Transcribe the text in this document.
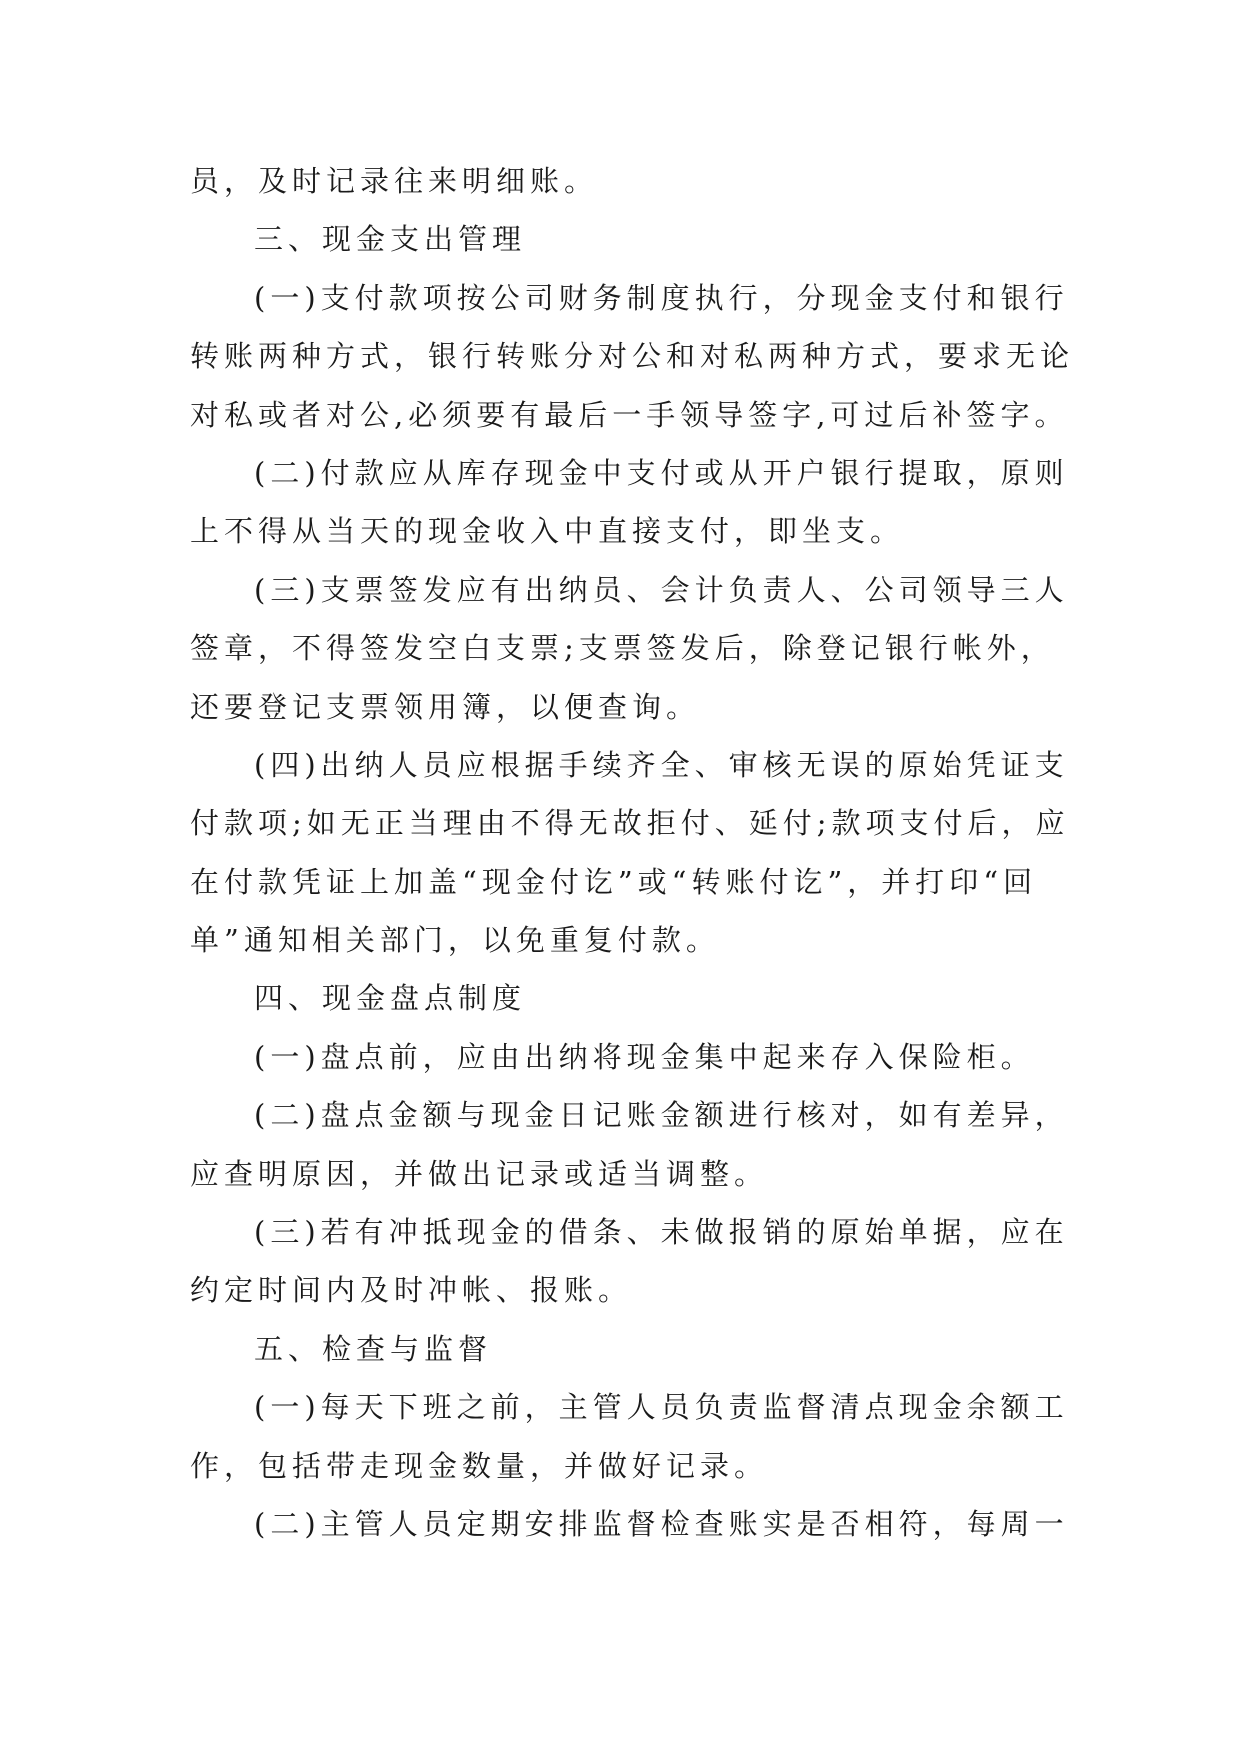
员，及时记录往来明细账。
三、现金支出管理
(一)支付款项按公司财务制度执行，分现金支付和银行
转账两种方式，银行转账分对公和对私两种方式，要求无论
对私或者对公,必须要有最后一手领导签字,可过后补签字。
(二)付款应从库存现金中支付或从开户银行提取，原则
上不得从当天的现金收入中直接支付，即坐支。
(三)支票签发应有出纳员、会计负责人、公司领导三人
签章，不得签发空白支票;支票签发后，除登记银行帐外，
还要登记支票领用簿，以便查询。
(四)出纳人员应根据手续齐全、审核无误的原始凭证支
付款项;如无正当理由不得无故拒付、延付;款项支付后，应
在付款凭证上加盖“现金付讫”或“转账付讫”，并打印“回
单”通知相关部门，以免重复付款。
四、现金盘点制度
(一)盘点前，应由出纳将现金集中起来存入保险柜。
(二)盘点金额与现金日记账金额进行核对，如有差异，
应查明原因，并做出记录或适当调整。
(三)若有冲抵现金的借条、未做报销的原始单据，应在
约定时间内及时冲帐、报账。
五、检查与监督
(一)每天下班之前，主管人员负责监督清点现金余额工
作，包括带走现金数量，并做好记录。
(二)主管人员定期安排监督检查账实是否相符，每周一
